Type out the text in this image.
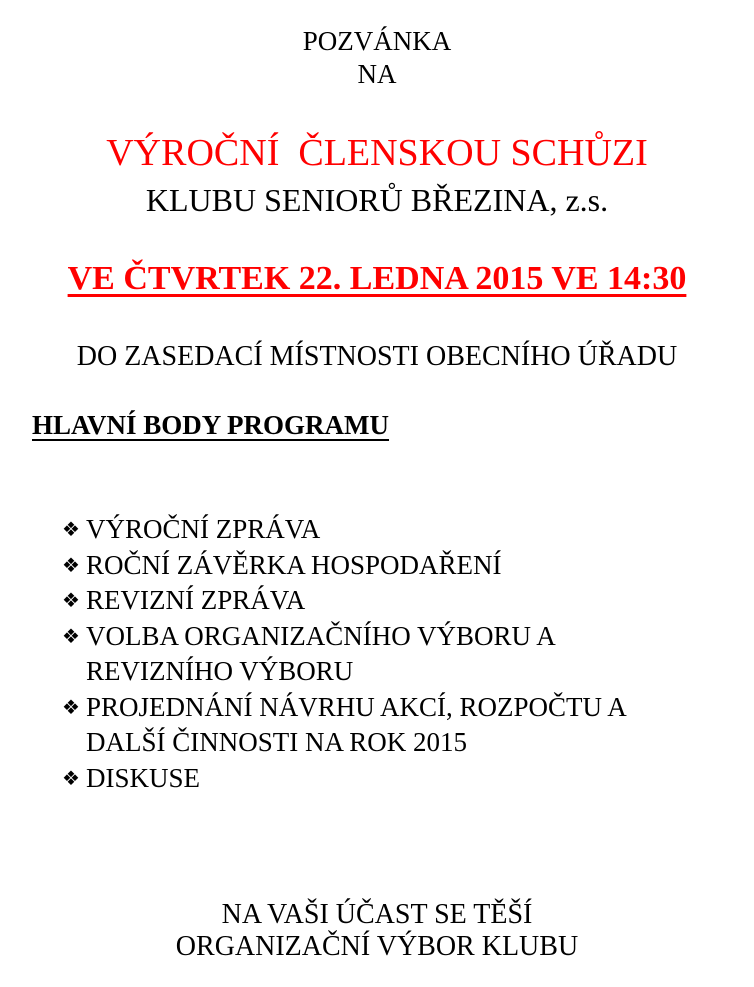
POZVÁNKA
NA
VÝROČNÍ  ČLENSKOU SCHŮZI
KLUBU SENIORŮ BŘEZINA, z.s.
VE ČTVRTEK 22. LEDNA 2015 VE 14:30
DO ZASEDACÍ MÍSTNOSTI OBECNÍHO ÚŘADU
HLAVNÍ BODY PROGRAMU
❖ VÝROČNÍ ZPRÁVA
❖ ROČNÍ ZÁVĚRKA HOSPODAŘENÍ
❖ REVIZNÍ ZPRÁVA
❖ VOLBA ORGANIZAČNÍHO VÝBORU A
REVIZNÍHO VÝBORU
❖ PROJEDNÁNÍ NÁVRHU AKCÍ, ROZPOČTU A
DALŠÍ ČINNOSTI NA ROK 2015
❖ DISKUSE
NA VAŠI ÚČAST SE TĚŠÍ
ORGANIZAČNÍ VÝBOR KLUBU
